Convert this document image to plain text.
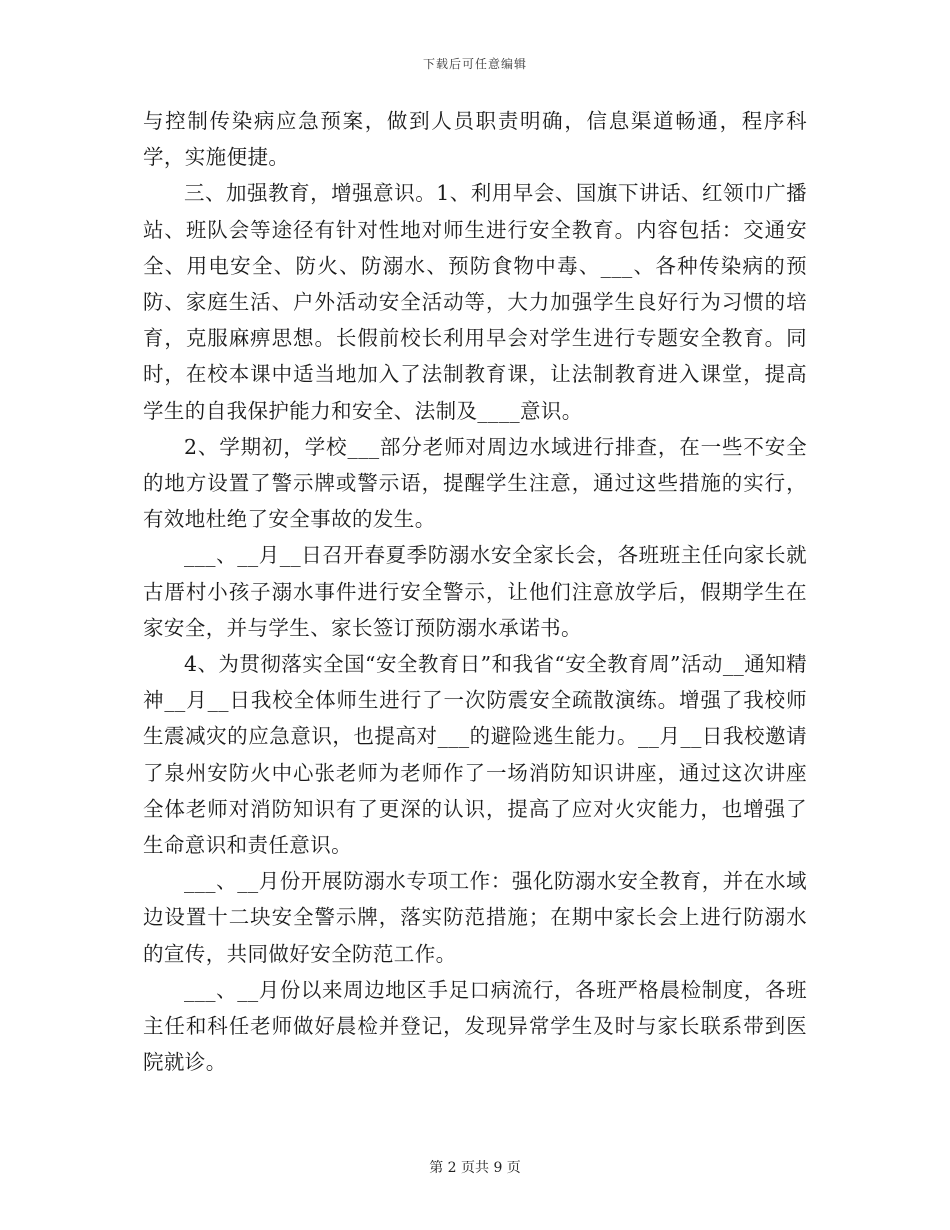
下载后可任意编辑

与控制传染病应急预案，做到人员职责明确，信息渠道畅通，程序科学，实施便捷。

三、加强教育，增强意识。1、利用早会、国旗下讲话、红领巾广播站、班队会等途径有针对性地对师生进行安全教育。内容包括：交通安全、用电安全、防火、防溺水、预防食物中毒、___、各种传染病的预防、家庭生活、户外活动安全活动等，大力加强学生良好行为习惯的培育，克服麻痹思想。长假前校长利用早会对学生进行专题安全教育。同时，在校本课中适当地加入了法制教育课，让法制教育进入课堂，提高学生的自我保护能力和安全、法制及____意识。

2、学期初，学校___部分老师对周边水域进行排查，在一些不安全的地方设置了警示牌或警示语，提醒学生注意，通过这些措施的实行，有效地杜绝了安全事故的发生。

___、__月__日召开春夏季防溺水安全家长会，各班班主任向家长就古厝村小孩子溺水事件进行安全警示，让他们注意放学后，假期学生在家安全，并与学生、家长签订预防溺水承诺书。

4、为贯彻落实全国“安全教育日”和我省“安全教育周”活动__通知精神__月__日我校全体师生进行了一次防震安全疏散演练。增强了我校师生震减灾的应急意识，也提高对___的避险逃生能力。__月__日我校邀请了泉州安防火中心张老师为老师作了一场消防知识讲座，通过这次讲座全体老师对消防知识有了更深的认识，提高了应对火灾能力，也增强了生命意识和责任意识。

___、__月份开展防溺水专项工作：强化防溺水安全教育，并在水域边设置十二块安全警示牌，落实防范措施；在期中家长会上进行防溺水的宣传，共同做好安全防范工作。

___、__月份以来周边地区手足口病流行，各班严格晨检制度，各班主任和科任老师做好晨检并登记，发现异常学生及时与家长联系带到医院就诊。

第 2 页共 9 页
